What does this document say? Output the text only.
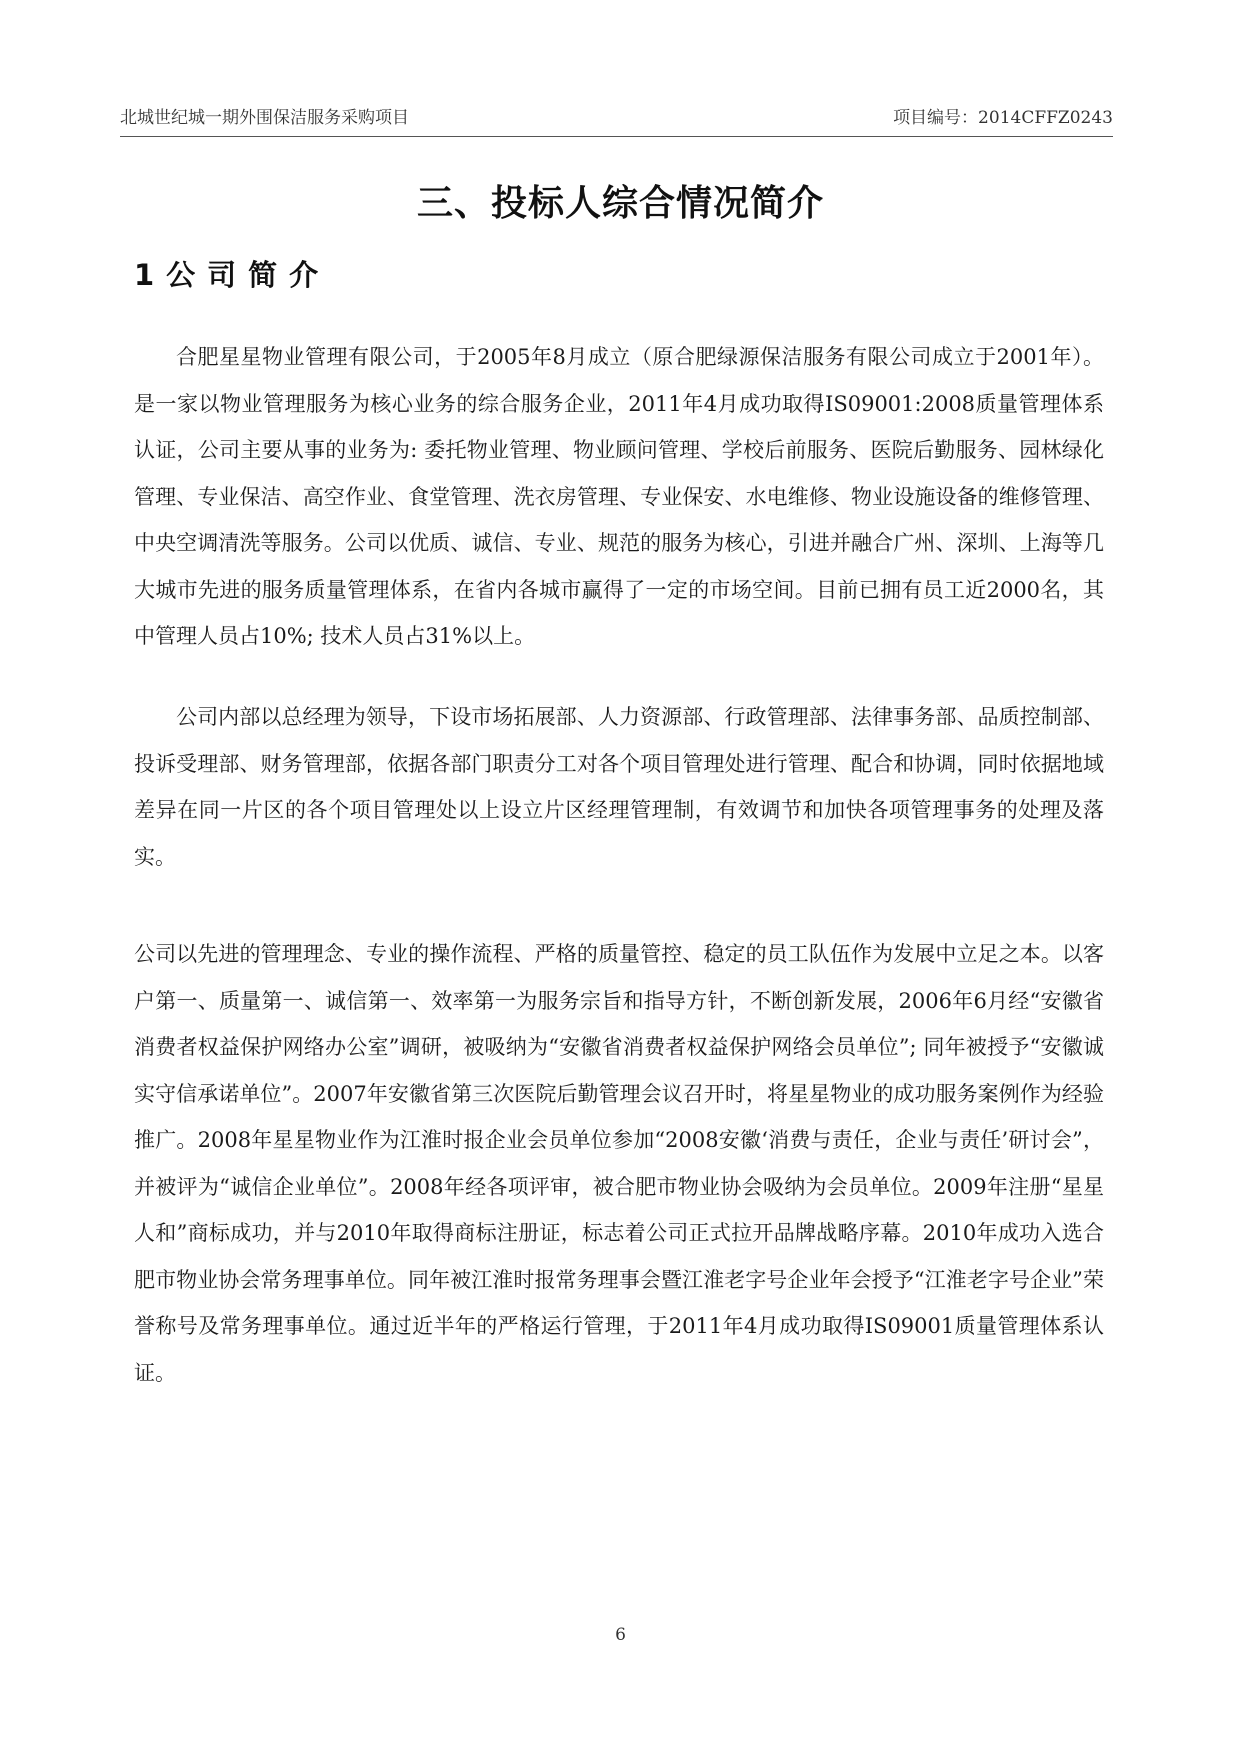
北城世纪城一期外围保洁服务采购项目	项目编号：2014CFFZ0243
三、投标人综合情况简介
1公司简介

合肥星星物业管理有限公司，于2005年8月成立（原合肥绿源保洁服务有限公司成立于2001年）。是一家以物业管理服务为核心业务的综合服务企业，2011年4月成功取得IS09001:2008质量管理体系认证，公司主要从事的业务为: 委托物业管理、物业顾问管理、学校后前服务、医院后勤服务、园林绿化管理、专业保洁、高空作业、食堂管理、洗衣房管理、专业保安、水电维修、物业设施设备的维修管理、中央空调清洗等服务。公司以优质、诚信、专业、规范的服务为核心，引进并融合广州、深圳、上海等几大城市先进的服务质量管理体系，在省内各城市赢得了一定的市场空间。目前已拥有员工近2000名，其中管理人员占10%; 技术人员占31%以上。

公司内部以总经理为领导，下设市场拓展部、人力资源部、行政管理部、法律事务部、品质控制部、投诉受理部、财务管理部，依据各部门职责分工对各个项目管理处进行管理、配合和协调，同时依据地域差异在同一片区的各个项目管理处以上设立片区经理管理制，有效调节和加快各项管理事务的处理及落实。

公司以先进的管理理念、专业的操作流程、严格的质量管控、稳定的员工队伍作为发展中立足之本。以客户第一、质量第一、诚信第一、效率第一为服务宗旨和指导方针，不断创新发展，2006年6月经“安徽省消费者权益保护网络办公室”调研，被吸纳为“安徽省消费者权益保护网络会员单位”; 同年被授予“安徽诚实守信承诺单位”。2007年安徽省第三次医院后勤管理会议召开时，将星星物业的成功服务案例作为经验推广。2008年星星物业作为江淮时报企业会员单位参加“2008安徽‘消费与责任，企业与责任’研讨会”，并被评为“诚信企业单位”。2008年经各项评审，被合肥市物业协会吸纳为会员单位。2009年注册“星星人和”商标成功，并与2010年取得商标注册证，标志着公司正式拉开品牌战略序幕。2010年成功入选合肥市物业协会常务理事单位。同年被江淮时报常务理事会暨江淮老字号企业年会授予“江淮老字号企业”荣誉称号及常务理事单位。通过近半年的严格运行管理，于2011年4月成功取得IS09001质量管理体系认证。

6
